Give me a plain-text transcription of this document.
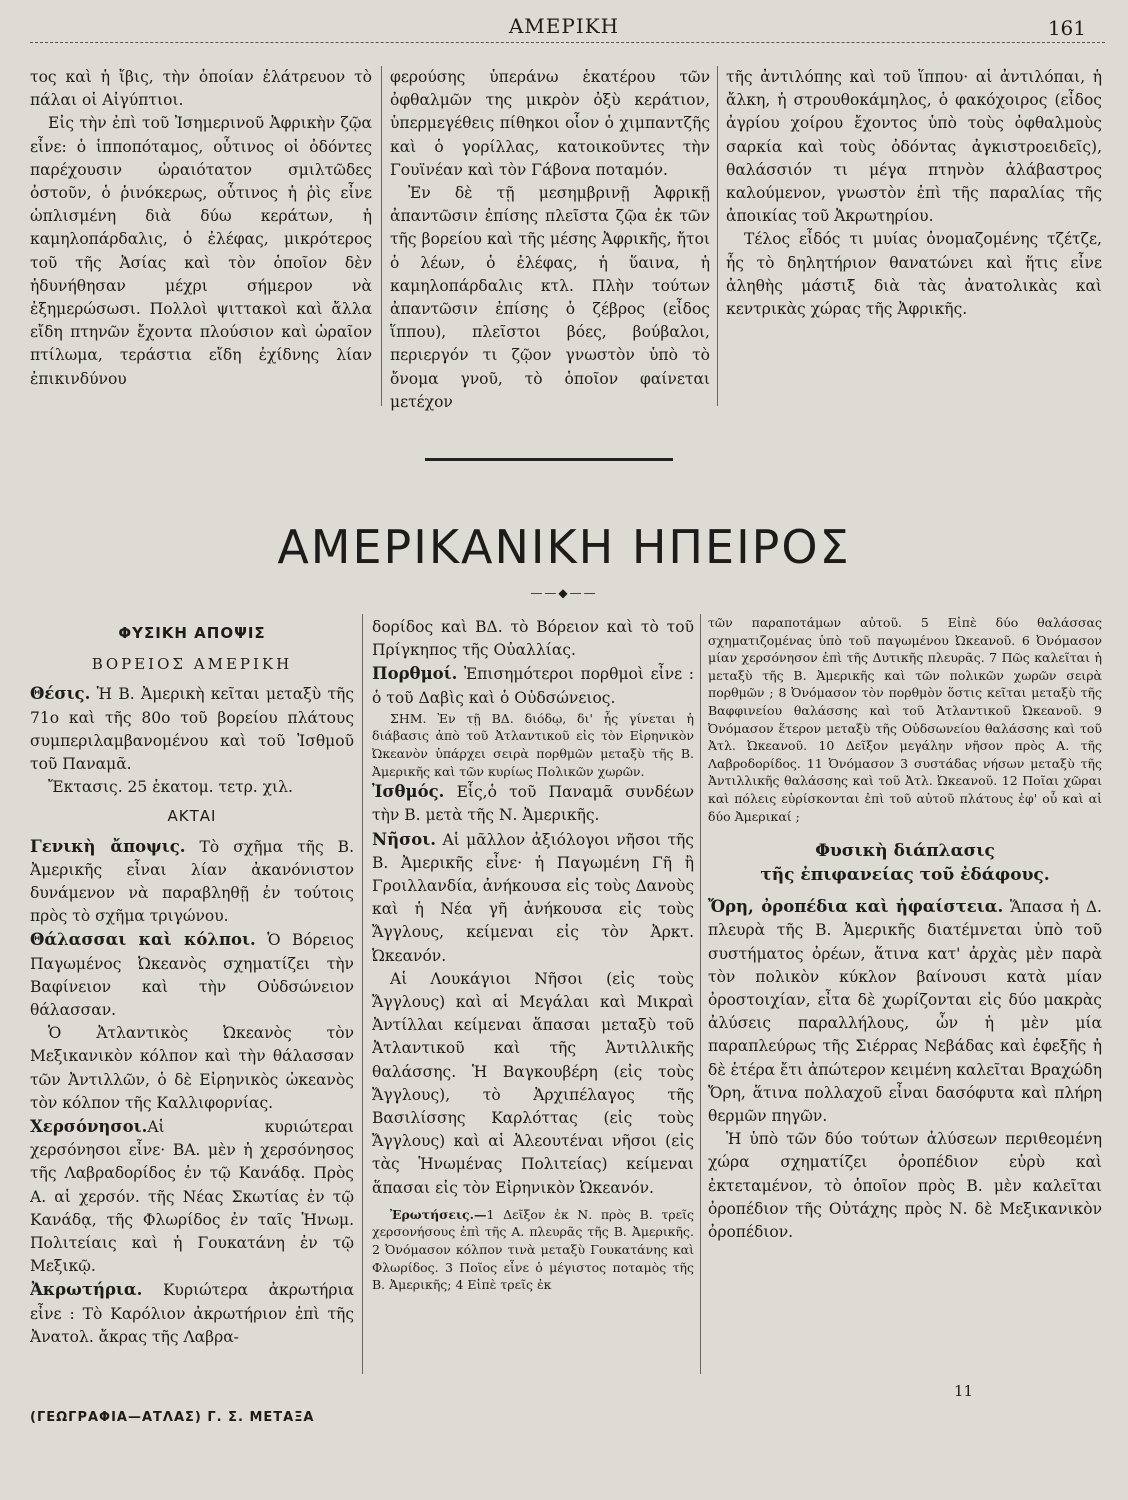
ΑΜΕΡΙΚΗ	161

τος καὶ ἡ ἴβις, τὴν ὁποίαν ἐλάτρευον τὸ πάλαι οἱ Αἰγύπτιοι.

Εἰς τὴν ἐπὶ τοῦ Ἰσημερινοῦ Ἀφρικὴν ζῷα εἶνε: ὁ ἱπποπόταμος, οὗτινος οἱ ὀδόντες παρέχουσιν ὡραιότατον σμιλτῶδες ὀστοῦν, ὁ ῥινόκερως, οὗτινος ἡ ῥὶς εἶνε ὡπλισμένη διὰ δύω κεράτων, ἡ καμηλοπάρδαλις, ὁ ἐλέφας, μικρότερος τοῦ τῆς Ἀσίας καὶ τὸν ὁποῖον δὲν ἠδυνήθησαν μέχρι σήμερον νὰ ἐξημερώσωσι. Πολλοὶ ψιττακοὶ καὶ ἄλλα εἴδη πτηνῶν ἔχοντα πλούσιον καὶ ὡραῖον πτίλωμα, τεράστια εἴδη ἐχίδνης λίαν ἐπικινδύνου

φερούσης ὑπεράνω ἑκατέρου τῶν ὀφθαλμῶν της μικρὸν ὀξὺ κεράτιον, ὑπερμεγέθεις πίθηκοι οἷον ὁ χιμπαντζῆς καὶ ὁ γορίλλας, κατοικοῦντες τὴν Γουϊνέαν καὶ τὸν Γάβονα ποταμόν.

Ἐν δὲ τῇ μεσημβρινῇ Ἀφρικῇ ἀπαντῶσιν ἐπίσης πλεῖστα ζῷα ἐκ τῶν τῆς βορείου καὶ τῆς μέσης Ἀφρικῆς, ἤτοι ὁ λέων, ὁ ἐλέφας, ἡ ὕαινα, ἡ καμηλοπάρδαλις κτλ. Πλὴν τούτων ἀπαντῶσιν ἐπίσης ὁ ζέβρος (εἶδος ἵππου), πλεῖστοι βόες, βούβαλοι, περιεργόν τι ζῷον γνωστὸν ὑπὸ τὸ ὄνομα γνοῦ, τὸ ὁποῖον φαίνεται μετέχον

τῆς ἀντιλόπης καὶ τοῦ ἵππου· αἱ ἀντιλόπαι, ἡ ἄλκη, ἡ στρουθοκάμηλος, ὁ φακόχοιρος (εἶδος ἀγρίου χοίρου ἔχοντος ὑπὸ τοὺς ὀφθαλμοὺς σαρκία καὶ τοὺς ὀδόντας ἀγκιστροειδεῖς), θαλάσσιόν τι μέγα πτηνὸν ἀλάβαστρος καλούμενον, γνωστὸν ἐπὶ τῆς παραλίας τῆς ἀποικίας τοῦ Ἀκρωτηρίου.

Τέλος εἶδός τι μυίας ὀνομαζομένης τζέτζε, ἧς τὸ δηλητήριον θανατώνει καὶ ἥτις εἶνε ἀληθὴς μάστιξ διὰ τὰς ἀνατολικὰς καὶ κεντρικὰς χώρας τῆς Ἀφρικῆς.

ΑΜΕΡΙΚΑΝΙΚΗ ΗΠΕΙΡΟΣ
——◆——
ΦΥΣΙΚΗ ΑΠΟΨΙΣ
ΒΟΡΕΙΟΣ ΑΜΕΡΙΚΗ

Θέσις. Ἡ Β. Ἀμερικὴ κεῖται μεταξὺ τῆς 71ο καὶ τῆς 80ο τοῦ βορείου πλάτους συμπεριλαμβανομένου καὶ τοῦ Ἰσθμοῦ τοῦ Παναμᾶ.

Ἔκτασις. 25 ἑκατομ. τετρ. χιλ.

ΑΚΤΑΙ

Γενικὴ ἄποψις. Τὸ σχῆμα τῆς Β. Ἀμερικῆς εἶναι λίαν ἀκανόνιστον δυνάμενον νὰ παραβληθῇ ἐν τούτοις πρὸς τὸ σχῆμα τριγώνου.

Θάλασσαι καὶ κόλποι. Ὁ Βόρειος Παγωμένος Ὠκεανὸς σχηματίζει τὴν Βαφίνειον καὶ τὴν Οὐδσώνειον θάλασσαν.

Ὁ Ἀτλαντικὸς Ὠκεανὸς τὸν Μεξικανικὸν κόλπον καὶ τὴν θάλασσαν τῶν Ἀντιλλῶν, ὁ δὲ Εἰρηνικὸς ὠκεανὸς τὸν κόλπον τῆς Καλλιφορνίας.

Χερσόνησοι.Αἱ κυριώτεραι χερσόνησοι εἶνε· ΒΑ. μὲν ἡ χερσόνησος τῆς Λαβραδορίδος ἐν τῷ Κανάδᾳ. Πρὸς Α. αἱ χερσόν. τῆς Νέας Σκωτίας ἐν τῷ Κανάδᾳ, τῆς Φλωρίδος ἐν ταῖς Ἡνωμ. Πολιτείαις καὶ ἡ Γουκατάνη ἐν τῷ Μεξικῷ.

Ἀκρωτήρια. Κυριώτερα ἀκρωτήρια εἶνε : Τὸ Καρόλιον ἀκρωτήριον ἐπὶ τῆς Ἀνατολ. ἄκρας τῆς Λαβρα-

δορίδος καὶ ΒΔ. τὸ Βόρειον καὶ τὸ τοῦ Πρίγκηπος τῆς Οὐαλλίας.

Πορθμοί. Ἐπισημότεροι πορθμοὶ εἶνε : ὁ τοῦ Δαβὶς καὶ ὁ Οὐδσώνειος.

ΣΗΜ. Ἐν τῇ ΒΔ. διόδῳ, δι' ἧς γίνεται ἡ διάβασις ἀπὸ τοῦ Ἀτλαντικοῦ εἰς τὸν Εἰρηνικὸν Ὠκεανὸν ὑπάρχει σειρὰ πορθμῶν μεταξὺ τῆς Β. Ἀμερικῆς καὶ τῶν κυρίως Πολικῶν χωρῶν.

Ἰσθμός. Εἷς,ὁ τοῦ Παναμᾶ συνδέων τὴν Β. μετὰ τῆς Ν. Ἀμερικῆς.

Νῆσοι. Αἱ μᾶλλον ἀξιόλογοι νῆσοι τῆς Β. Ἀμερικῆς εἶνε· ἡ Παγωμένη Γῆ ἢ Γροιλλανδία, ἀνήκουσα εἰς τοὺς Δανοὺς καὶ ἡ Νέα γῆ ἀνήκουσα εἰς τοὺς Ἄγγλους, κείμεναι εἰς τὸν Ἀρκτ. Ὠκεανόν.

Αἱ Λουκάγιοι Νῆσοι (εἰς τοὺς Ἄγγλους) καὶ αἱ Μεγάλαι καὶ Μικραὶ Ἀντίλλαι κείμεναι ἅπασαι μεταξὺ τοῦ Ἀτλαντικοῦ καὶ τῆς Ἀντιλλικῆς θαλάσσης. Ἡ Βαγκουβέρη (εἰς τοὺς Ἄγγλους), τὸ Ἀρχιπέλαγος τῆς Βασιλίσσης Καρλόττας (εἰς τοὺς Ἄγγλους) καὶ αἱ Ἀλεουτέναι νῆσοι (εἰς τὰς Ἡνωμένας Πολιτείας) κείμεναι ἅπασαι εἰς τὸν Εἰρηνικὸν Ὠκεανόν.

Ἐρωτήσεις.—1 Δεῖξον ἐκ Ν. πρὸς Β. τρεῖς χερσονήσους ἐπὶ τῆς Α. πλευρᾶς τῆς Β. Ἀμερικῆς. 2 Ὀνόμασον κόλπον τινὰ μεταξὺ Γουκατάνης καὶ Φλωρίδος. 3 Ποῖος εἶνε ὁ μέγιστος ποταμὸς τῆς Β. Ἀμερικῆς; 4 Εἰπὲ τρεῖς ἐκ

τῶν παραποτάμων αὐτοῦ. 5 Εἰπὲ δύο θαλάσσας σχηματιζομένας ὑπὸ τοῦ παγωμένου Ὠκεανοῦ. 6 Ὀνόμασον μίαν χερσόνησον ἐπὶ τῆς Δυτικῆς πλευρᾶς. 7 Πῶς καλεῖται ἡ μεταξὺ τῆς Β. Ἀμερικῆς καὶ τῶν πολικῶν χωρῶν σειρὰ πορθμῶν ; 8 Ὀνόμασον τὸν πορθμὸν ὅστις κεῖται μεταξὺ τῆς Βαφφινείου θαλάσσης καὶ τοῦ Ἀτλαντικοῦ Ὠκεανοῦ. 9 Ὀνόμασον ἕτερον μεταξὺ τῆς Οὐδσωνείου θαλάσσης καὶ τοῦ Ἀτλ. Ὠκεανοῦ. 10 Δεῖξον μεγάλην νῆσον πρὸς Α. τῆς Λαβροδορίδος. 11 Ὀνόμασον 3 συστάδας νήσων μεταξὺ τῆς Ἀντιλλικῆς θαλάσσης καὶ τοῦ Ἀτλ. Ὠκεανοῦ. 12 Ποῖαι χῶραι καὶ πόλεις εὑρίσκονται ἐπὶ τοῦ αὐτοῦ πλάτους ἐφ' οὗ καὶ αἱ δύο Ἀμερικαί ;

Φυσικὴ διάπλασις
τῆς ἐπιφανείας τοῦ ἐδάφους.

Ὄρη, ὀροπέδια καὶ ἡφαίστεια. Ἅπασα ἡ Δ. πλευρὰ τῆς Β. Ἀμερικῆς διατέμνεται ὑπὸ τοῦ συστήματος ὀρέων, ἅτινα κατ' ἀρχὰς μὲν παρὰ τὸν πολικὸν κύκλον βαίνουσι κατὰ μίαν ὀροστοιχίαν, εἶτα δὲ χωρίζονται εἰς δύο μακρὰς ἀλύσεις παραλλήλους, ὧν ἡ μὲν μία παραπλεύρως τῆς Σιέρρας Νεβάδας καὶ ἐφεξῆς ἡ δὲ ἑτέρα ἔτι ἀπώτερον κειμένη καλεῖται Βραχώδη Ὄρη, ἅτινα πολλαχοῦ εἶναι δασόφυτα καὶ πλήρη θερμῶν πηγῶν.

Ἡ ὑπὸ τῶν δύο τούτων ἀλύσεων περιθεομένη χώρα σχηματίζει ὀροπέδιον εὐρὺ καὶ ἐκτεταμένον, τὸ ὁποῖον πρὸς Β. μὲν καλεῖται ὀροπέδιον τῆς Οὐτάχης πρὸς Ν. δὲ Μεξικανικὸν ὀροπέδιον.

(ΓΕΩΓΡΑΦΙΑ—ΑΤΛΑΣ) Γ. Σ. ΜΕΤΑΞΑ
11
